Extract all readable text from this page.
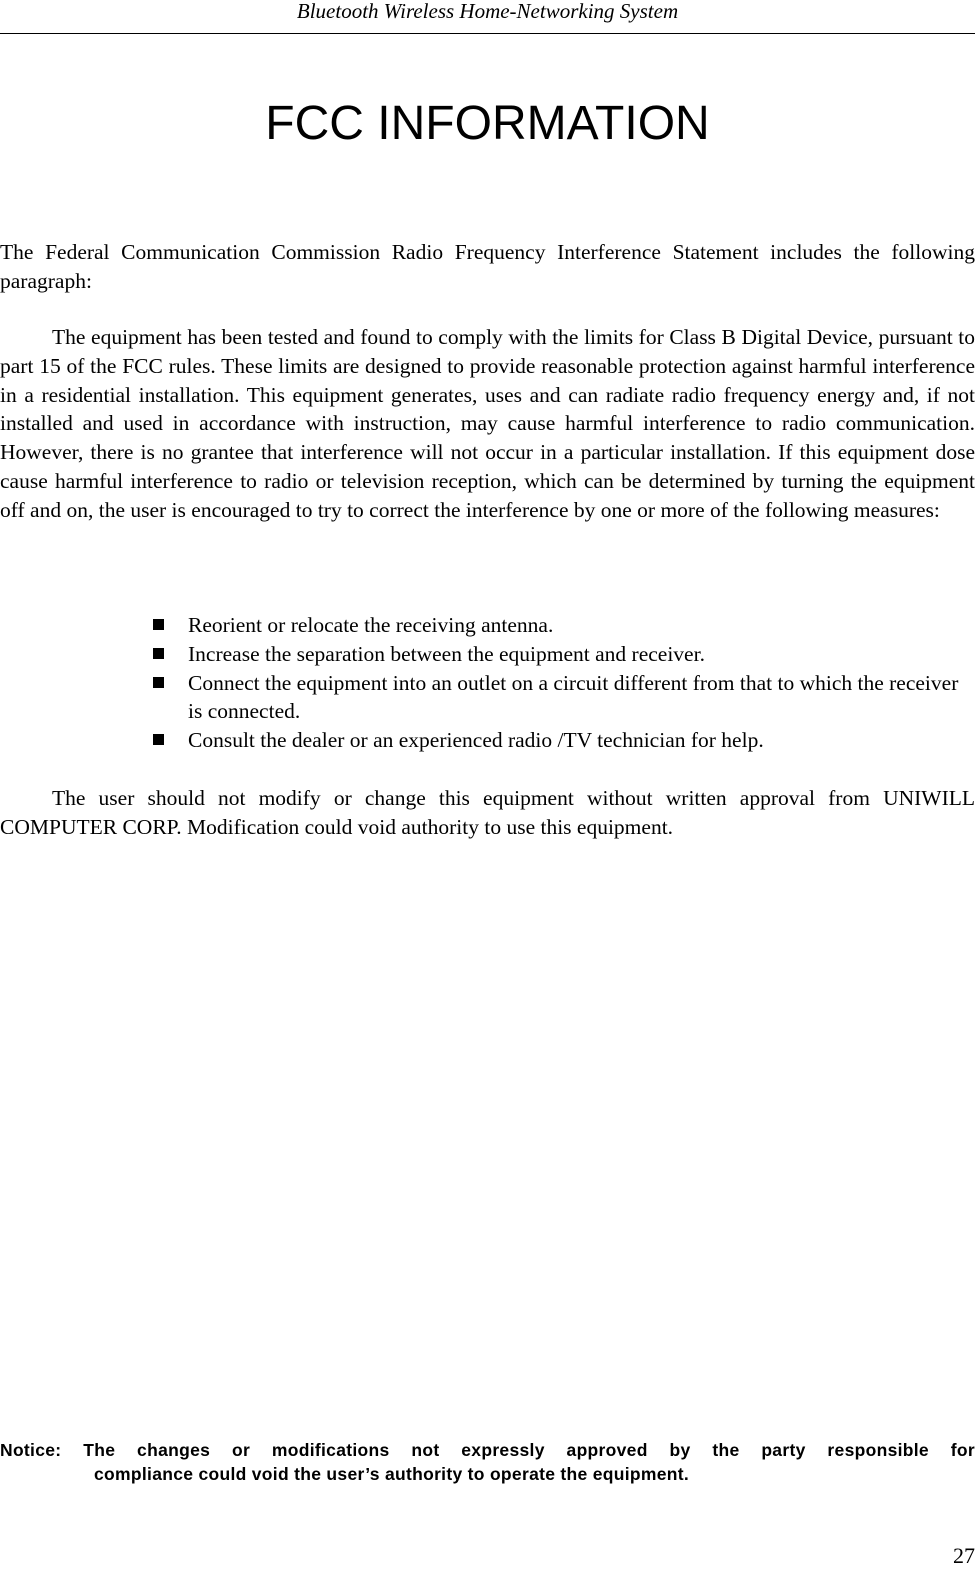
Bluetooth Wireless Home-Networking System
FCC INFORMATION

The Federal Communication Commission Radio Frequency Interference Statement includes the following paragraph:

The equipment has been tested and found to comply with the limits for Class B Digital Device, pursuant to part 15 of the FCC rules. These limits are designed to provide reasonable protection against harmful interference in a residential installation. This equipment generates, uses and can radiate radio frequency energy and, if not installed and used in accordance with instruction, may cause harmful interference to radio communication. However, there is no grantee that interference will not occur in a particular installation. If this equipment dose cause harmful interference to radio or television reception, which can be determined by turning the equipment off and on, the user is encouraged to try to correct the interference by one or more of the following measures:

Reorient or relocate the receiving antenna.
Increase the separation between the equipment and receiver.
Connect the equipment into an outlet on a circuit different from that to which the receiver is connected.
Consult the dealer or an experienced radio /TV technician for help.

The user should not modify or change this equipment without written approval from UNIWILL COMPUTER CORP. Modification could void authority to use this equipment.

Notice: The changes or modifications not expressly approved by the party responsible for
compliance could void the user’s authority to operate the equipment.

27
